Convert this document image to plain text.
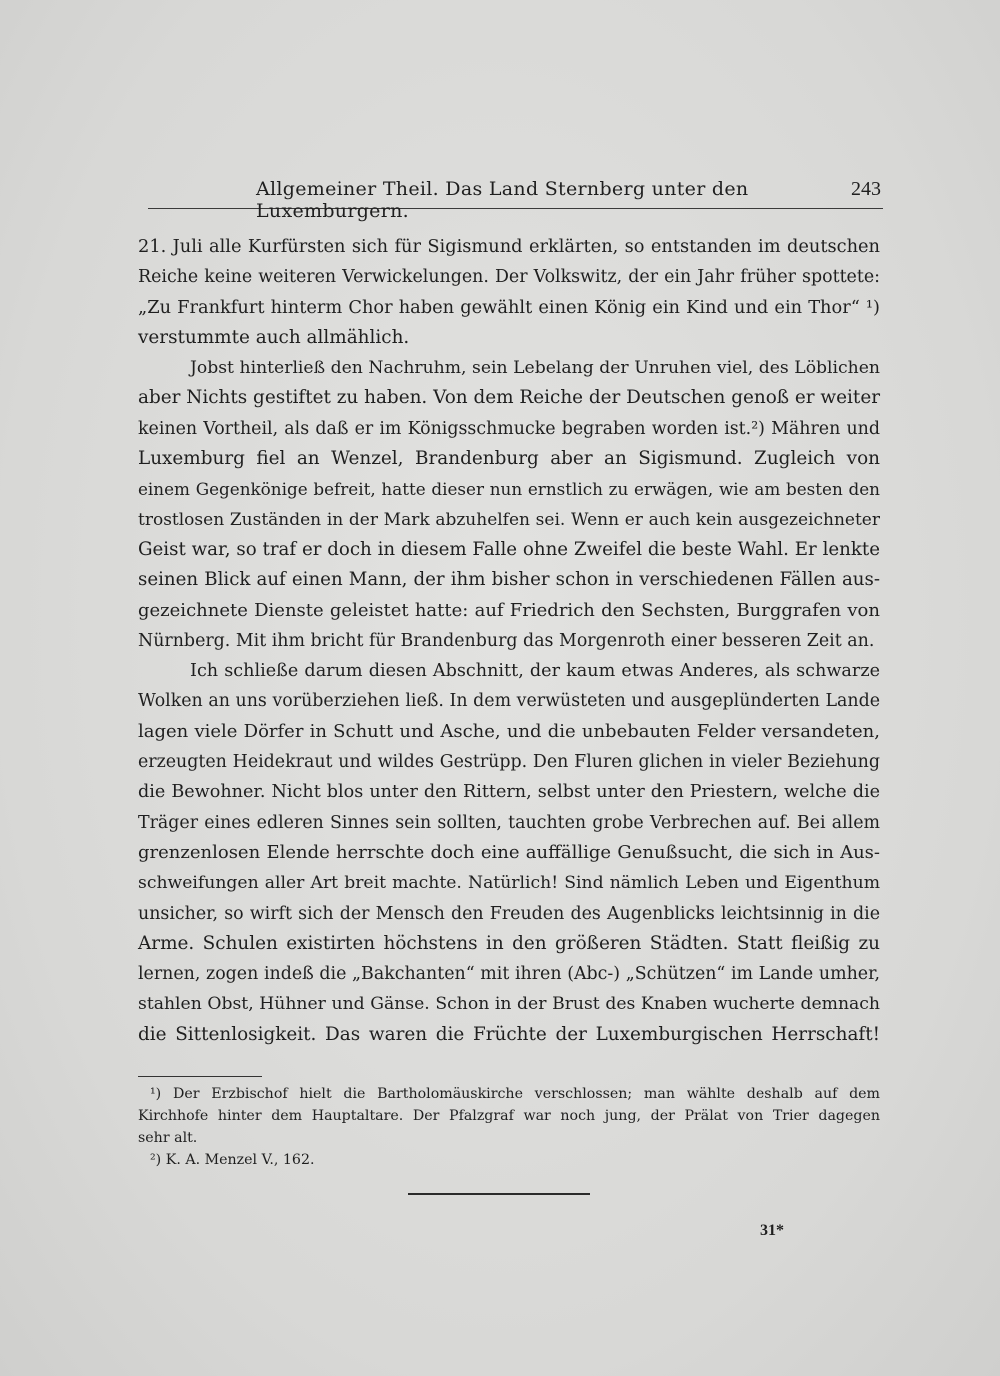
Allgemeiner Theil. Das Land Sternberg unter den Luxemburgern.
243
21. Juli alle Kurfürsten sich für Sigismund erklärten, so entstanden im deutschen
Reiche keine weiteren Verwickelungen. Der Volkswitz, der ein Jahr früher spottete:
„Zu Frankfurt hinterm Chor haben gewählt einen König ein Kind und ein Thor“ ¹)
verstummte auch allmählich.
Jobst hinterließ den Nachruhm, sein Lebelang der Unruhen viel, des Löblichen
aber Nichts gestiftet zu haben. Von dem Reiche der Deutschen genoß er weiter
keinen Vortheil, als daß er im Königsschmucke begraben worden ist.²) Mähren und
Luxemburg fiel an Wenzel, Brandenburg aber an Sigismund. Zugleich von
einem Gegenkönige befreit, hatte dieser nun ernstlich zu erwägen, wie am besten den
trostlosen Zuständen in der Mark abzuhelfen sei. Wenn er auch kein ausgezeichneter
Geist war, so traf er doch in diesem Falle ohne Zweifel die beste Wahl. Er lenkte
seinen Blick auf einen Mann, der ihm bisher schon in verschiedenen Fällen aus-
gezeichnete Dienste geleistet hatte: auf Friedrich den Sechsten, Burggrafen von
Nürnberg. Mit ihm bricht für Brandenburg das Morgenroth einer besseren Zeit an.
Ich schließe darum diesen Abschnitt, der kaum etwas Anderes, als schwarze
Wolken an uns vorüberziehen ließ. In dem verwüsteten und ausgeplünderten Lande
lagen viele Dörfer in Schutt und Asche, und die unbebauten Felder versandeten,
erzeugten Heidekraut und wildes Gestrüpp. Den Fluren glichen in vieler Beziehung
die Bewohner. Nicht blos unter den Rittern, selbst unter den Priestern, welche die
Träger eines edleren Sinnes sein sollten, tauchten grobe Verbrechen auf. Bei allem
grenzenlosen Elende herrschte doch eine auffällige Genußsucht, die sich in Aus-
schweifungen aller Art breit machte. Natürlich! Sind nämlich Leben und Eigenthum
unsicher, so wirft sich der Mensch den Freuden des Augenblicks leichtsinnig in die
Arme. Schulen existirten höchstens in den größeren Städten. Statt fleißig zu
lernen, zogen indeß die „Bakchanten“ mit ihren (Abc-) „Schützen“ im Lande umher,
stahlen Obst, Hühner und Gänse. Schon in der Brust des Knaben wucherte demnach
die Sittenlosigkeit. Das waren die Früchte der Luxemburgischen Herrschaft!
¹) Der Erzbischof hielt die Bartholomäuskirche verschlossen; man wählte deshalb auf dem
Kirchhofe hinter dem Hauptaltare. Der Pfalzgraf war noch jung, der Prälat von Trier dagegen
sehr alt.
²) K. A. Menzel V., 162.
31*
